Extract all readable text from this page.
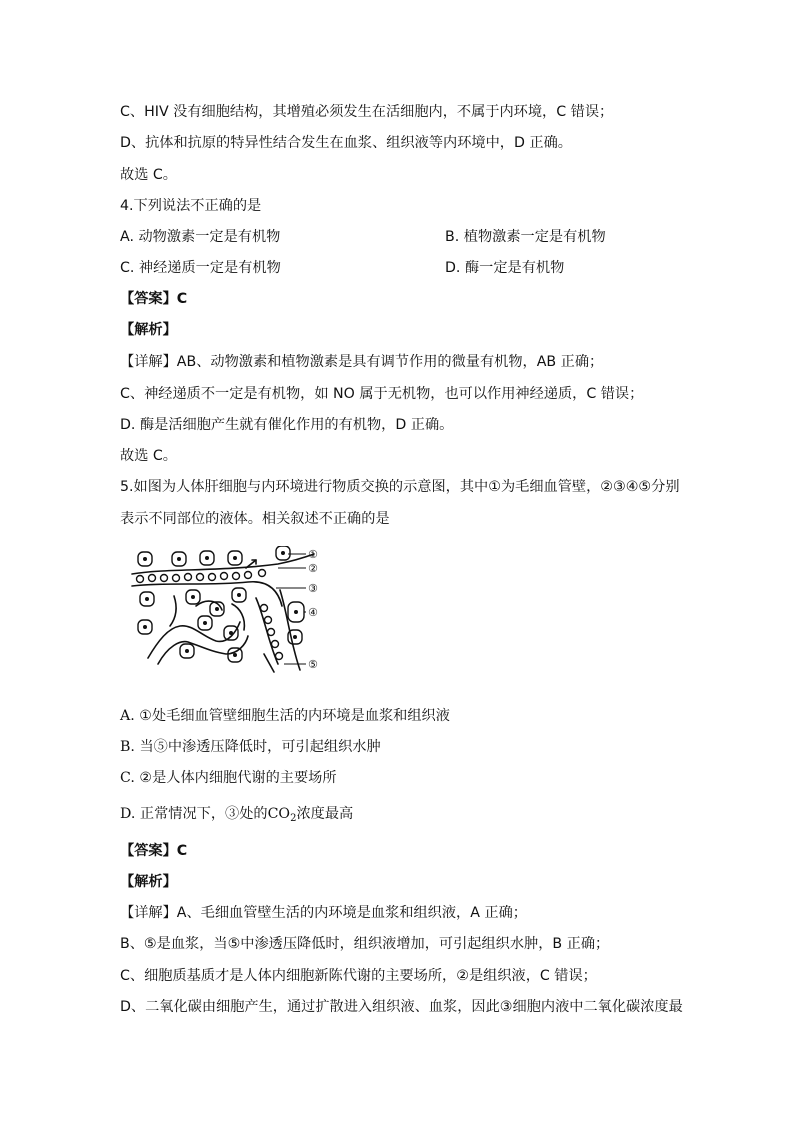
C、HIV 没有细胞结构，其增殖必须发生在活细胞内，不属于内环境，C 错误；
D、抗体和抗原的特异性结合发生在血浆、组织液等内环境中，D 正确。
故选 C。
4.下列说法不正确的是
A. 动物激素一定是有机物	B. 植物激素一定是有机物
C. 神经递质一定是有机物	D. 酶一定是有机物
【答案】C
【解析】
【详解】AB、动物激素和植物激素是具有调节作用的微量有机物，AB 正确；
C、神经递质不一定是有机物，如 NO 属于无机物，也可以作用神经递质，C 错误；
D. 酶是活细胞产生就有催化作用的有机物，D 正确。
故选 C。
5.如图为人体肝细胞与内环境进行物质交换的示意图，其中①为毛细血管壁，②③④⑤分别
表示不同部位的液体。相关叙述不正确的是
①
②
③
④
⑤
A. ①处毛细血管壁细胞生活的内环境是血浆和组织液
B. 当⑤中渗透压降低时，可引起组织水肿
C. ②是人体内细胞代谢的主要场所
D. 正常情况下，③处的$CO_2$浓度最高
【答案】C
【解析】
【详解】A、毛细血管壁生活的内环境是血浆和组织液，A 正确；
B、⑤是血浆，当⑤中渗透压降低时，组织液增加，可引起组织水肿，B 正确；
C、细胞质基质才是人体内细胞新陈代谢的主要场所，②是组织液，C 错误；
D、二氧化碳由细胞产生，通过扩散进入组织液、血浆，因此③细胞内液中二氧化碳浓度最
